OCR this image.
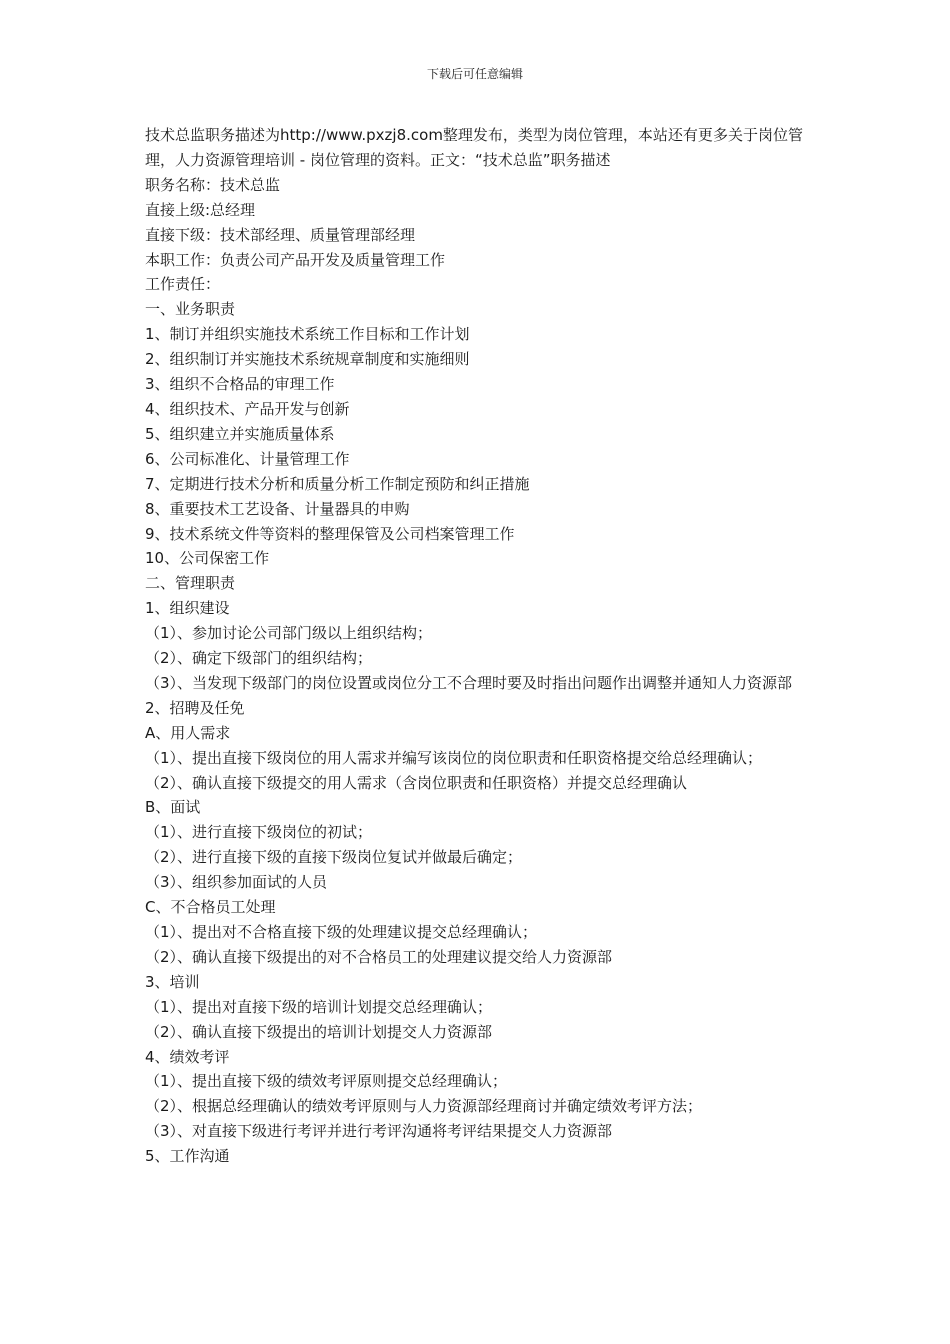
下载后可任意编辑
技术总监职务描述为http://www.pxzj8.com整理发布，类型为岗位管理，本站还有更多关于岗位管理，人力资源管理培训 - 岗位管理的资料。正文：“技术总监”职务描述
职务名称：技术总监
直接上级:总经理
直接下级：技术部经理、质量管理部经理
本职工作：负责公司产品开发及质量管理工作
工作责任：
一、业务职责
1、制订并组织实施技术系统工作目标和工作计划
2、组织制订并实施技术系统规章制度和实施细则
3、组织不合格品的审理工作
4、组织技术、产品开发与创新
5、组织建立并实施质量体系
6、公司标准化、计量管理工作
7、定期进行技术分析和质量分析工作制定预防和纠正措施
8、重要技术工艺设备、计量器具的申购
9、技术系统文件等资料的整理保管及公司档案管理工作
10、公司保密工作
二、管理职责
1、组织建设
（1）、参加讨论公司部门级以上组织结构；
（2）、确定下级部门的组织结构；
（3）、当发现下级部门的岗位设置或岗位分工不合理时要及时指出问题作出调整并通知人力资源部
2、招聘及任免
A、用人需求
（1）、提出直接下级岗位的用人需求并编写该岗位的岗位职责和任职资格提交给总经理确认；
（2）、确认直接下级提交的用人需求（含岗位职责和任职资格）并提交总经理确认
B、面试
（1）、进行直接下级岗位的初试；
（2）、进行直接下级的直接下级岗位复试并做最后确定；
（3）、组织参加面试的人员
C、不合格员工处理
（1）、提出对不合格直接下级的处理建议提交总经理确认；
（2）、确认直接下级提出的对不合格员工的处理建议提交给人力资源部
3、培训
（1）、提出对直接下级的培训计划提交总经理确认；
（2）、确认直接下级提出的培训计划提交人力资源部
4、绩效考评
（1）、提出直接下级的绩效考评原则提交总经理确认；
（2）、根据总经理确认的绩效考评原则与人力资源部经理商讨并确定绩效考评方法；
（3）、对直接下级进行考评并进行考评沟通将考评结果提交人力资源部
5、工作沟通
